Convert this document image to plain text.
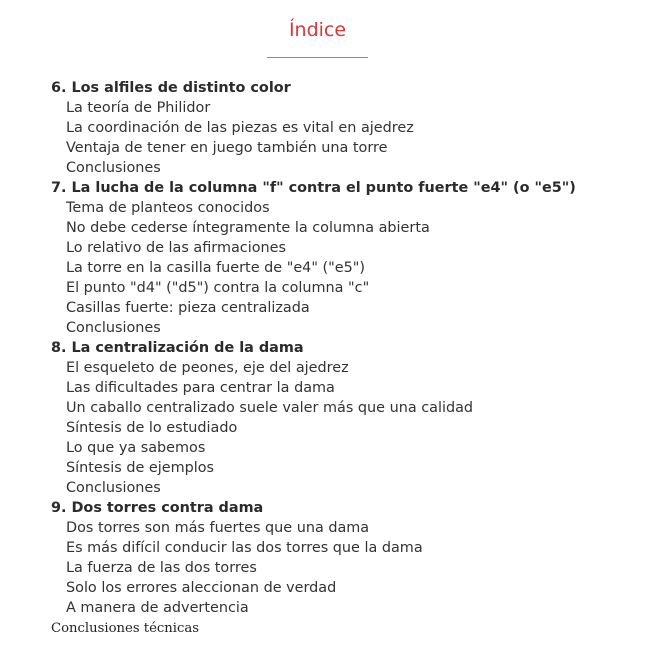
Índice
6. Los alfiles de distinto color
La teoría de Philidor
La coordinación de las piezas es vital en ajedrez
Ventaja de tener en juego también una torre
Conclusiones
7. La lucha de la columna "f" contra el punto fuerte "e4" (o "e5")
Tema de planteos conocidos
No debe cederse íntegramente la columna abierta
Lo relativo de las afirmaciones
La torre en la casilla fuerte de "e4" ("e5")
El punto "d4" ("d5") contra la columna "c"
Casillas fuerte: pieza centralizada
Conclusiones
8. La centralización de la dama
El esqueleto de peones, eje del ajedrez
Las dificultades para centrar la dama
Un caballo centralizado suele valer más que una calidad
Síntesis de lo estudiado
Lo que ya sabemos
Síntesis de ejemplos
Conclusiones
9. Dos torres contra dama
Dos torres son más fuertes que una dama
Es más difícil conducir las dos torres que la dama
La fuerza de las dos torres
Solo los errores aleccionan de verdad
A manera de advertencia
Conclusiones técnicas
